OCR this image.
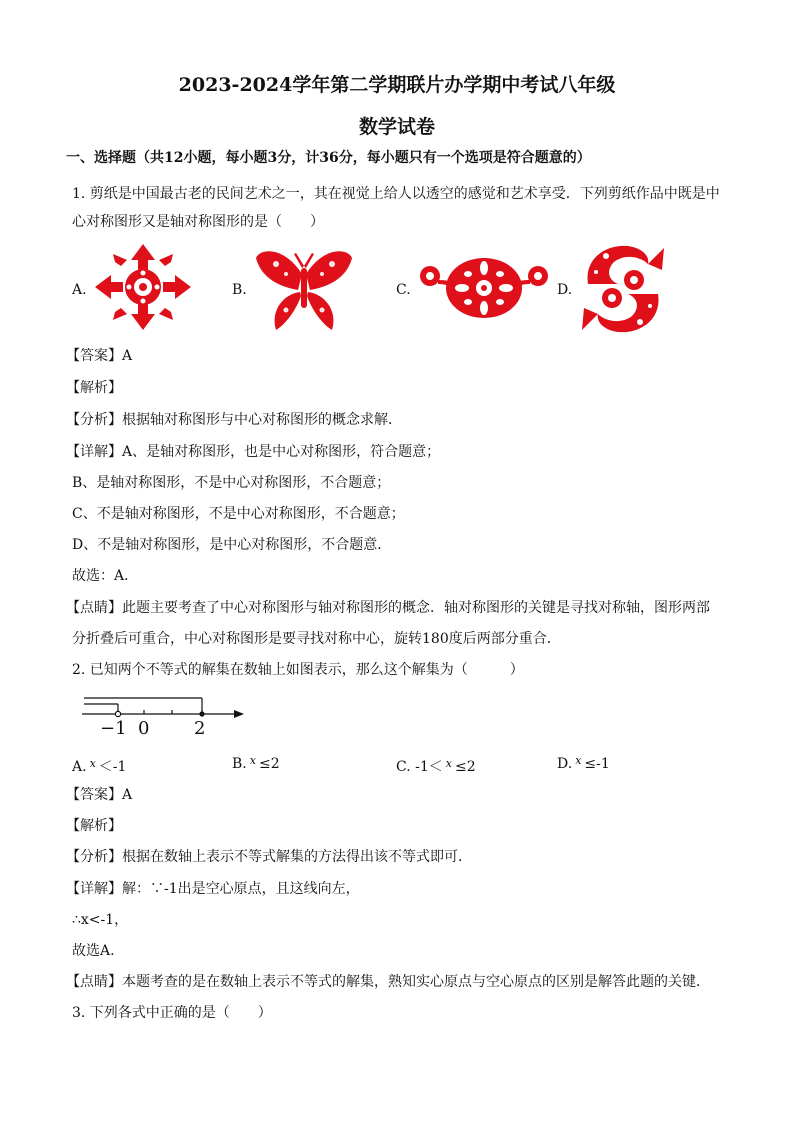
2023-2024学年第二学期联片办学期中考试八年级
数学试卷
一、选择题（共12小题，每小题3分，计36分，每小题只有一个选项是符合题意的）
1. 剪纸是中国最古老的民间艺术之一，其在视觉上给人以透空的感觉和艺术享受．下列剪纸作品中既是中
心对称图形又是轴对称图形的是（　　）
A.	B.	C.	D.
【答案】A
【解析】
【分析】根据轴对称图形与中心对称图形的概念求解．
【详解】A、是轴对称图形，也是中心对称图形，符合题意；
B、是轴对称图形，不是中心对称图形，不合题意；
C、不是轴对称图形，不是中心对称图形，不合题意；
D、不是轴对称图形，是中心对称图形，不合题意．
故选：A．
【点睛】此题主要考查了中心对称图形与轴对称图形的概念．轴对称图形的关键是寻找对称轴，图形两部
分折叠后可重合，中心对称图形是要寻找对称中心，旋转180度后两部分重合．
2. 已知两个不等式的解集在数轴上如图表示，那么这个解集为（　　　）
−1 0 2
A. $^x$ ＜-1	B. $^x$ ≤2	C. -1＜ $^x$ ≤2	D. $^x$ ≤-1
【答案】A
【解析】
【分析】根据在数轴上表示不等式解集的方法得出该不等式即可．
【详解】解：∵-1出是空心原点，且这线向左，
∴x<-1，
故选A.
【点睛】本题考查的是在数轴上表示不等式的解集，熟知实心原点与空心原点的区别是解答此题的关键．
3. 下列各式中正确的是（　　）
